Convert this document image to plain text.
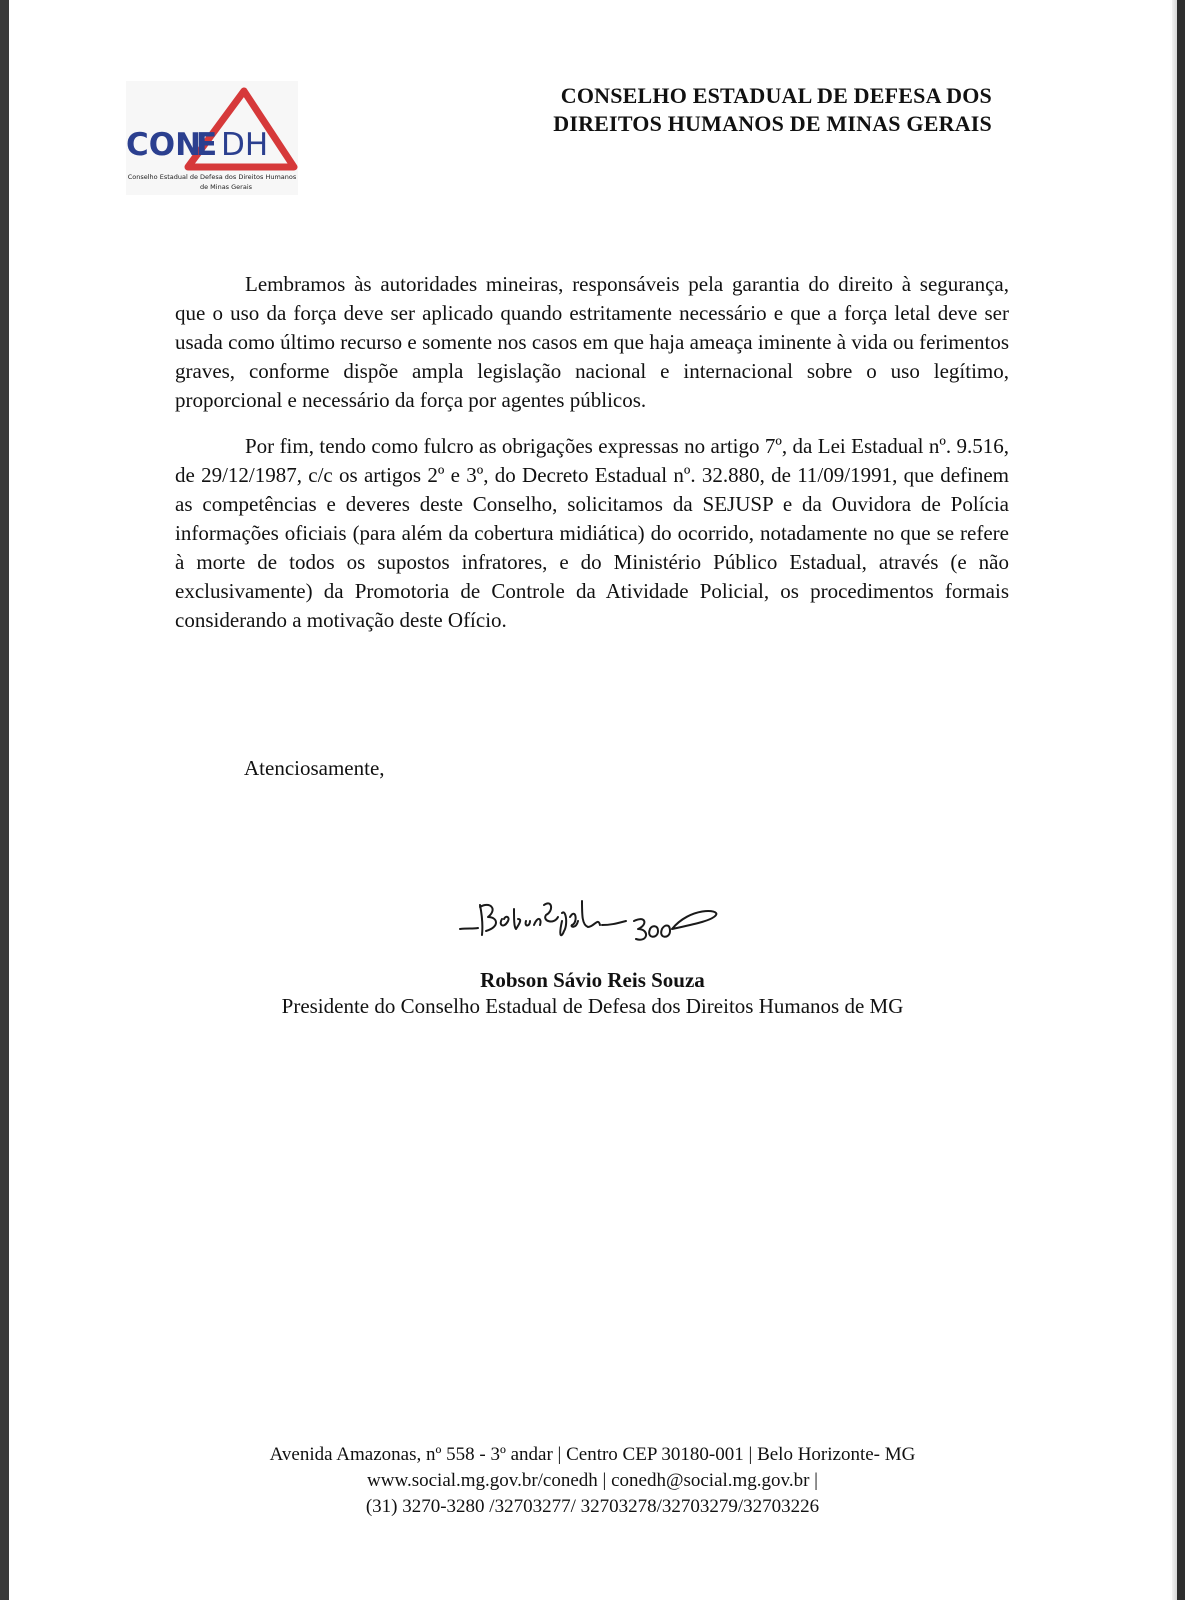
CON
E DH
Conselho Estadual de Defesa dos Direitos Humanos
de Minas Gerais
CONSELHO ESTADUAL DE DEFESA DOS
DIREITOS HUMANOS DE MINAS GERAIS

Lembramos às autoridades mineiras, responsáveis pela garantia do direito à segurança, que o uso da força deve ser aplicado quando estritamente necessário e que a força letal deve ser usada como último recurso e somente nos casos em que haja ameaça iminente à vida ou ferimentos graves, conforme dispõe ampla legislação nacional e internacional sobre o uso legítimo, proporcional e necessário da força por agentes públicos.

Por fim, tendo como fulcro as obrigações expressas no artigo 7º, da Lei Estadual nº. 9.516, de 29/12/1987, c/c os artigos 2º e 3º, do Decreto Estadual nº. 32.880, de 11/09/1991, que definem as competências e deveres deste Conselho, solicitamos da SEJUSP e da Ouvidora de Polícia informações oficiais (para além da cobertura midiática) do ocorrido, notadamente no que se refere à morte de todos os supostos infratores, e do Ministério Público Estadual, através (e não exclusivamente) da Promotoria de Controle da Atividade Policial, os procedimentos formais considerando a motivação deste Ofício.

Atenciosamente,
Robson Sávio Reis Souza
Presidente do Conselho Estadual de Defesa dos Direitos Humanos de MG
Avenida Amazonas, nº 558 - 3º andar | Centro CEP 30180-001 | Belo Horizonte- MG
www.social.mg.gov.br/conedh | conedh@social.mg.gov.br |
(31) 3270-3280 /32703277/ 32703278/32703279/32703226
